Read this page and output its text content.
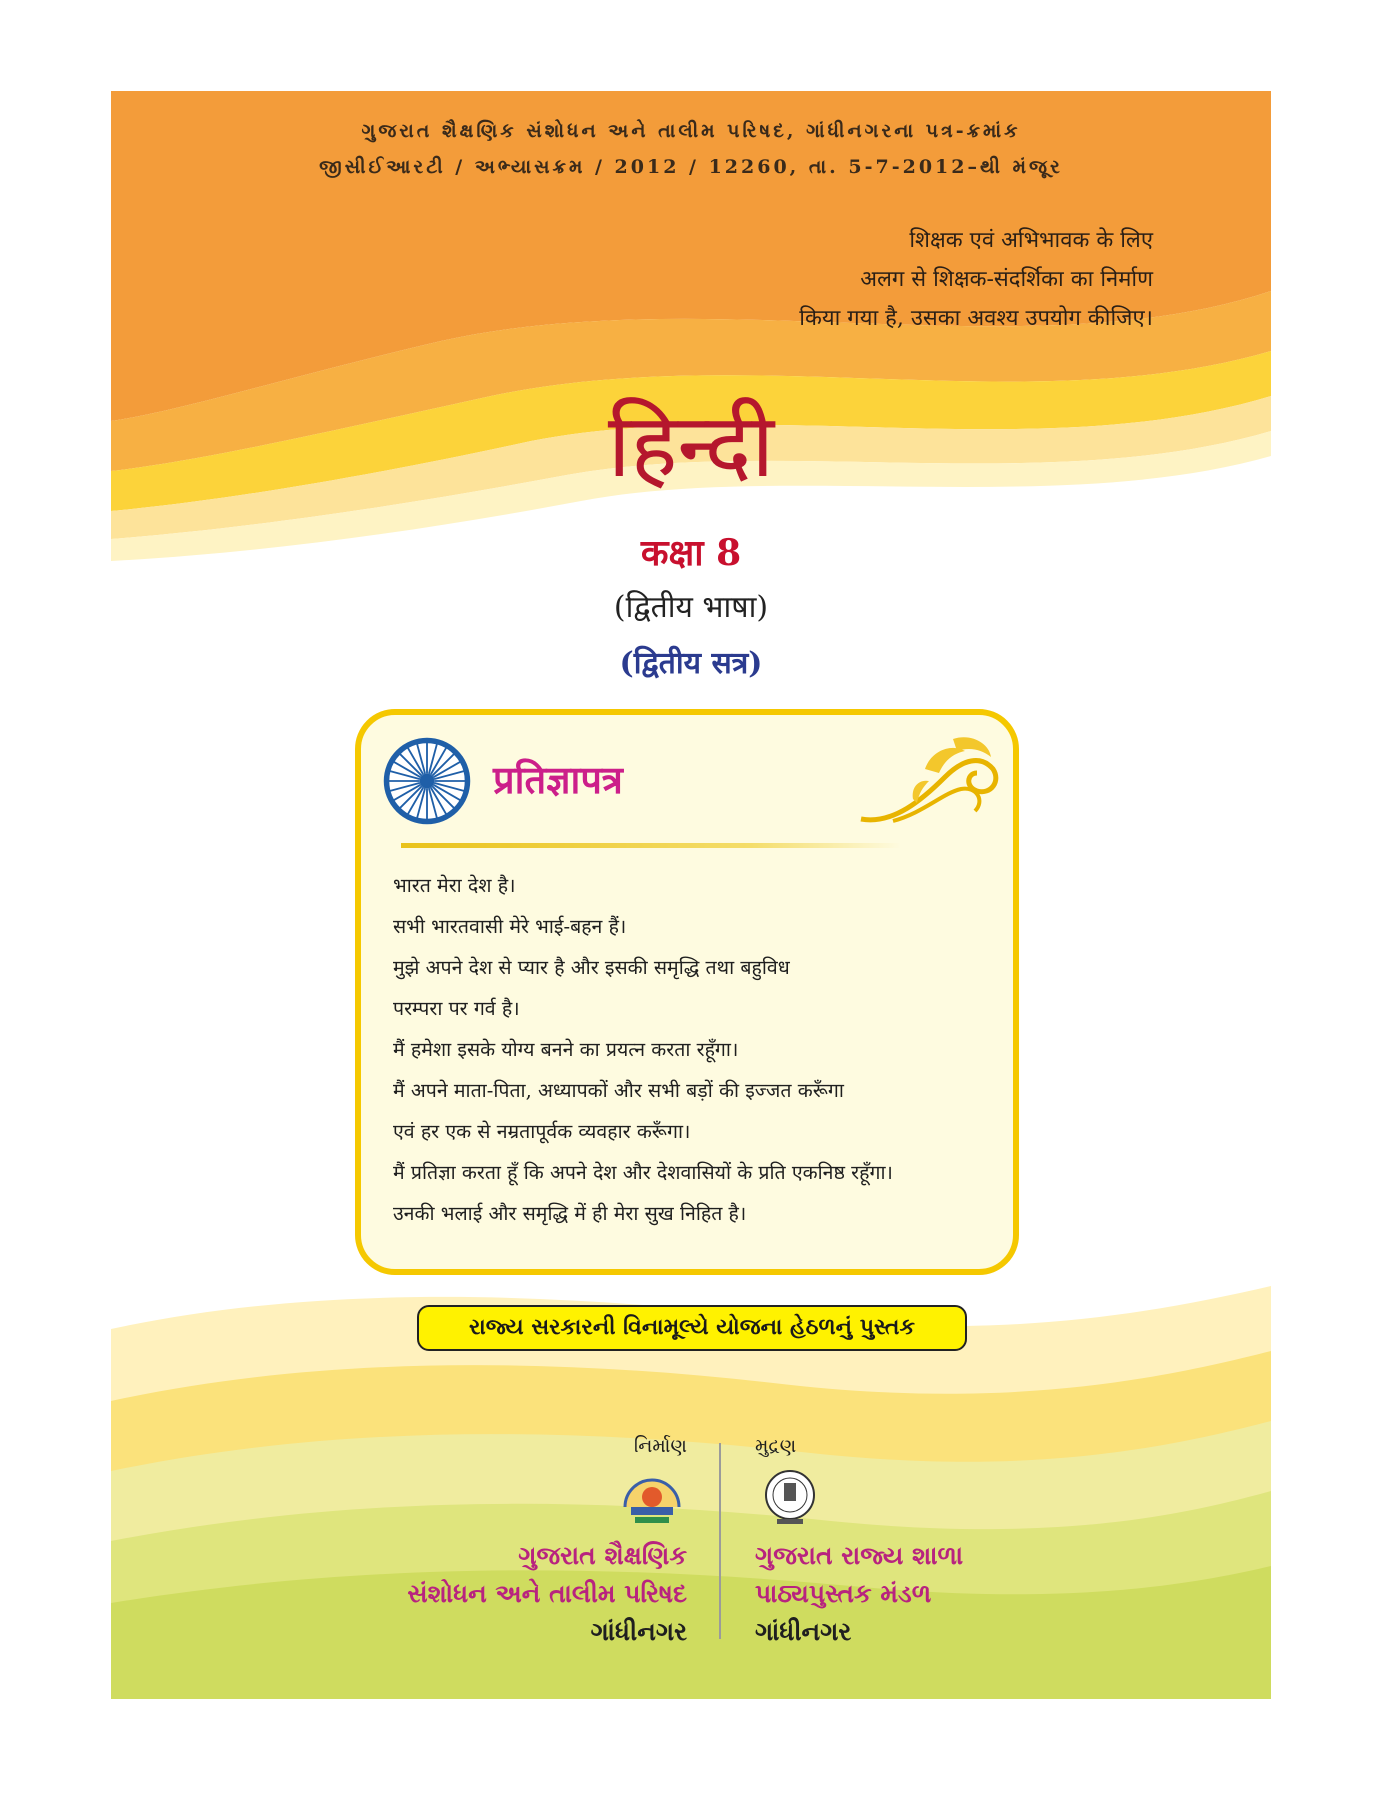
ગુજરાત શૈક્ષણિક સંશોધન અને તાલીમ પરિષદ, ગાંધીનગરના પત્ર-ક્રમાંક
જીસીઈઆરટી / અભ્યાસક્રમ / 2012 / 12260, તા. 5-7-2012–થી મંજૂર
शिक्षक एवं अभिभावक के लिए
अलग से शिक्षक-संदर्शिका का निर्माण
किया गया है, उसका अवश्य उपयोग कीजिए।
हिन्दी
कक्षा 8
(द्वितीय भाषा)
(द्वितीय सत्र)
प्रतिज्ञापत्र
भारत मेरा देश है।
सभी भारतवासी मेरे भाई-बहन हैं।
मुझे अपने देश से प्यार है और इसकी समृद्धि तथा बहुविध
परम्परा पर गर्व है।
मैं हमेशा इसके योग्य बनने का प्रयत्न करता रहूँगा।
मैं अपने माता-पिता, अध्यापकों और सभी बड़ों की इज्जत करूँगा
एवं हर एक से नम्रतापूर्वक व्यवहार करूँगा।
मैं प्रतिज्ञा करता हूँ कि अपने देश और देशवासियों के प्रति एकनिष्ठ रहूँगा।
उनकी भलाई और समृद्धि में ही मेरा सुख निहित है।
રાજ્ય સરકારની વિનામૂલ્યે યોજના હેઠળનું પુસ્તક
નિર્માણ
ગુજરાત શૈક્ષણિક
સંશોધન અને તાલીમ પરિષદ
ગાંધીનગર
મુદ્રણ
ગુજરાત રાજ્ય શાળા
પાઠ્યપુસ્તક મંડળ
ગાંધીનગર
